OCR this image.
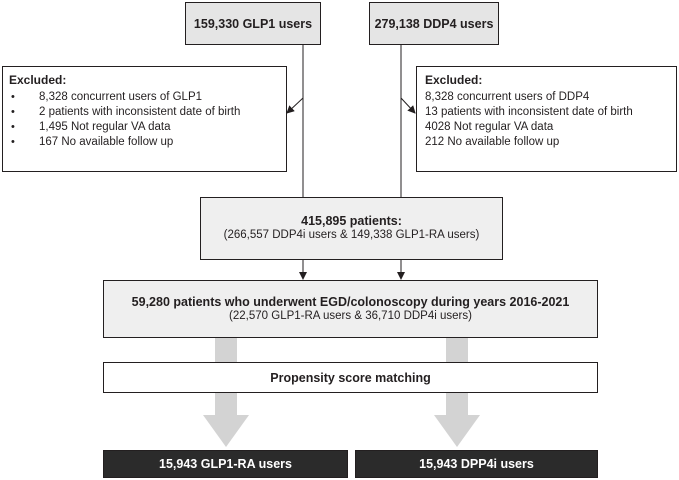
159,330 GLP1 users	279,138 DDP4 users
Excluded:
• 8,328 concurrent users of GLP1
• 2 patients with inconsistent date of birth
• 1,495 Not regular VA data
• 167 No available follow up
Excluded:
8,328 concurrent users of DDP4
13 patients with inconsistent date of birth
4028 Not regular VA data
212 No available follow up
415,895 patients:
(266,557 DDP4i users & 149,338 GLP1-RA users)
59,280 patients who underwent EGD/colonoscopy during years 2016-2021
(22,570 GLP1-RA users & 36,710 DDP4i users)
Propensity score matching
15,943 GLP1-RA users	15,943 DPP4i users
